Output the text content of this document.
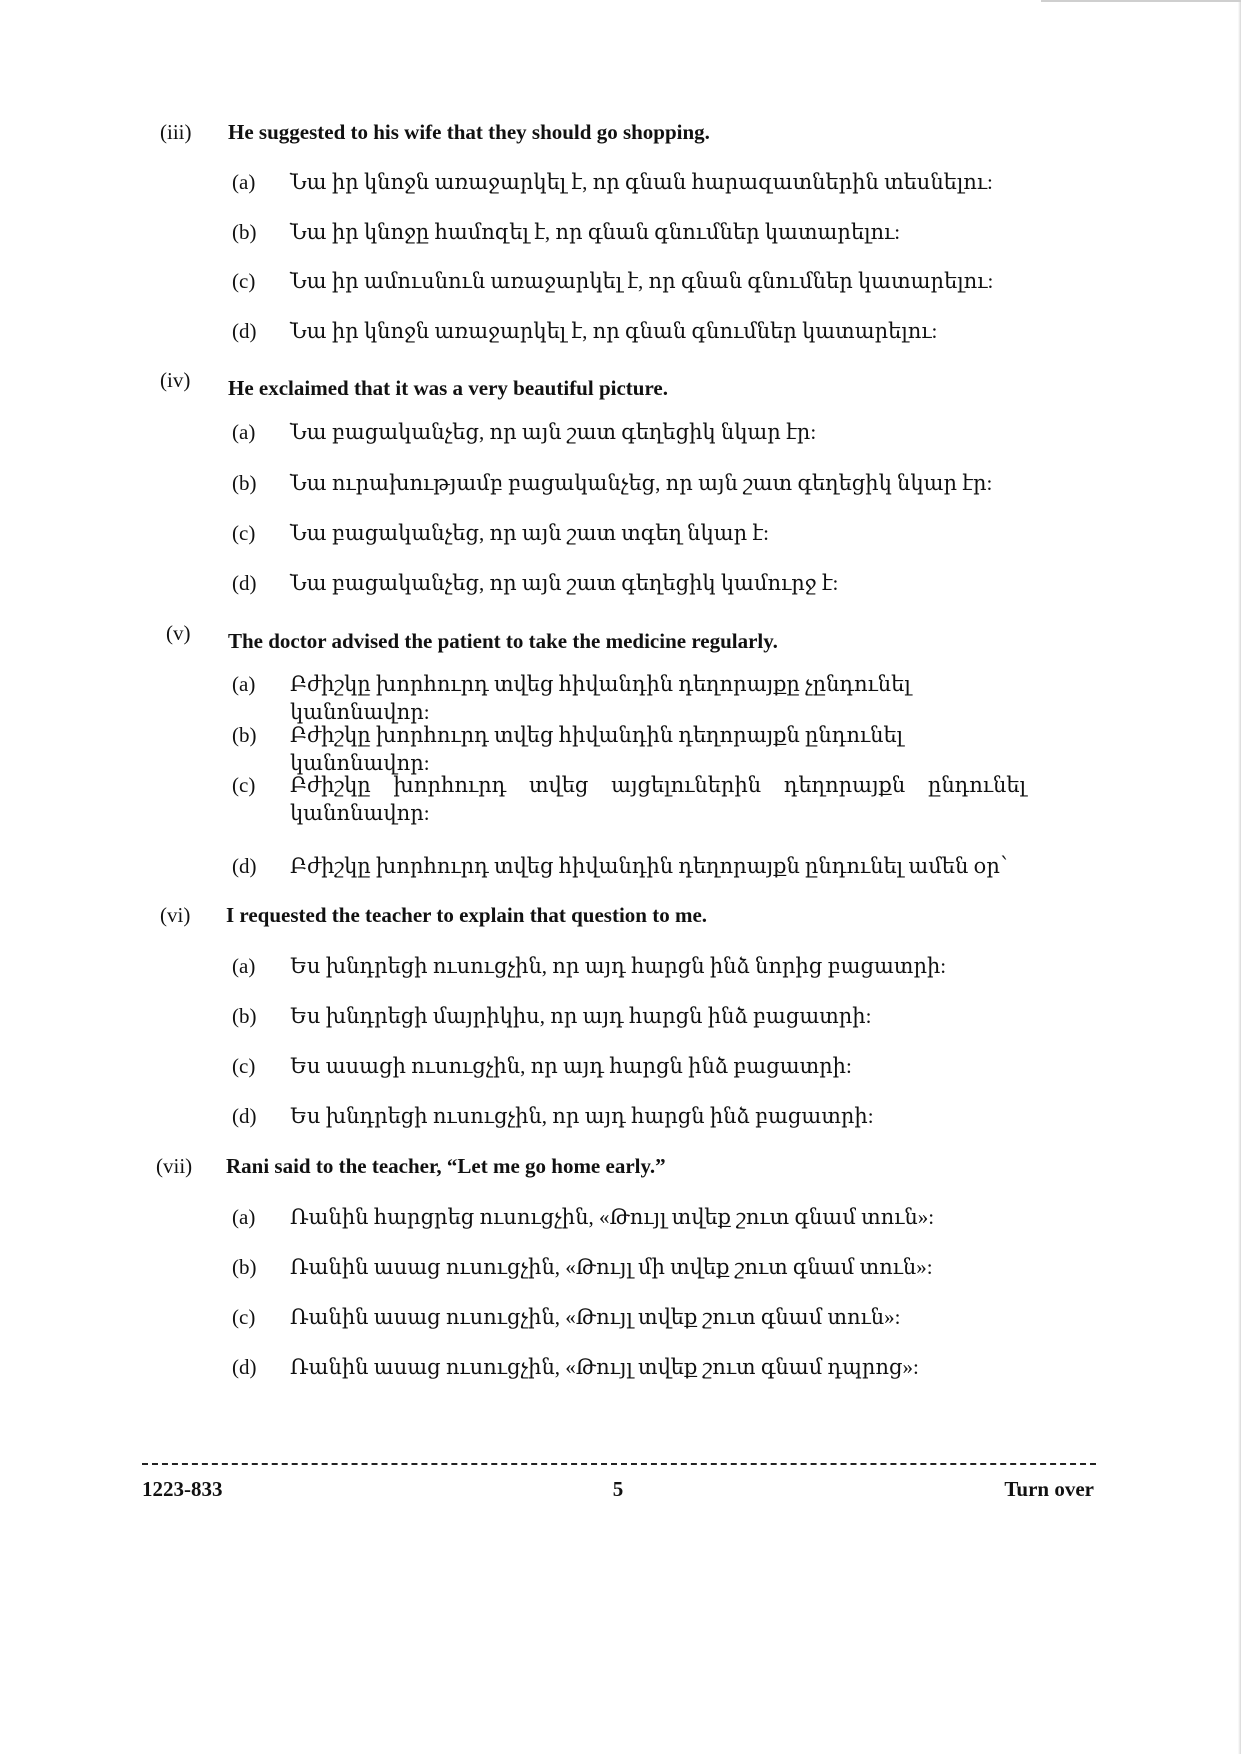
(iii) He suggested to his wife that they should go shopping.
(a) Նա իր կնոջն առաջարկել է, որ գնան հարազատներին տեսնելու:
(b) Նա իր կնոջը համոզել է, որ գնան գնումներ կատարելու:
(c) Նա իր ամուսնուն առաջարկել է, որ գնան գնումներ կատարելու:
(d) Նա իր կնոջն առաջարկել է, որ գնան գնումներ կատարելու:
(iv) He exclaimed that it was a very beautiful picture.
(a) Նա բացականչեց, որ այն շատ գեղեցիկ նկար էր:
(b) Նա ուրախությամբ բացականչեց, որ այն շատ գեղեցիկ նկար էր:
(c) Նա բացականչեց, որ այն շատ տգեղ նկար է:
(d) Նա բացականչեց, որ այն շատ գեղեցիկ կամուրջ է:
(v) The doctor advised the patient to take the medicine regularly.
(a) Բժիշկը խորհուրդ տվեց հիվանդին դեղորայքը չընդունել կանոնավոր:
(b) Բժիշկը խորհուրդ տվեց հիվանդին դեղորայքն ընդունել կանոնավոր:
(c) Բժիշկը խորհուրդ տվեց այցելուներին դեղորայքն ընդունել կանոնավոր:
(d) Բժիշկը խորհուրդ տվեց հիվանդին դեղորայքն ընդունել ամեն օր՝
(vi) I requested the teacher to explain that question to me.
(a) Ես խնդրեցի ուսուցչին, որ այդ հարցն ինձ նորից բացատրի:
(b) Ես խնդրեցի մայրիկիս, որ այդ հարցն ինձ բացատրի:
(c) Ես ասացի ուսուցչին, որ այդ հարցն ինձ բացատրի:
(d) Ես խնդրեցի ուսուցչին, որ այդ հարցն ինձ բացատրի:
(vii) Rani said to the teacher, “Let me go home early.”
(a) Ռանին հարցրեց ուսուցչին, «Թույլ տվեք շուտ գնամ տուն»:
(b) Ռանին ասաց ուսուցչին, «Թույլ մի տվեք շուտ գնամ տուն»:
(c) Ռանին ասաց ուսուցչին, «Թույլ տվեք շուտ գնամ տուն»:
(d) Ռանին ասաց ուսուցչին, «Թույլ տվեք շուտ գնամ դպրոց»:
1223-833	5	Turn over
